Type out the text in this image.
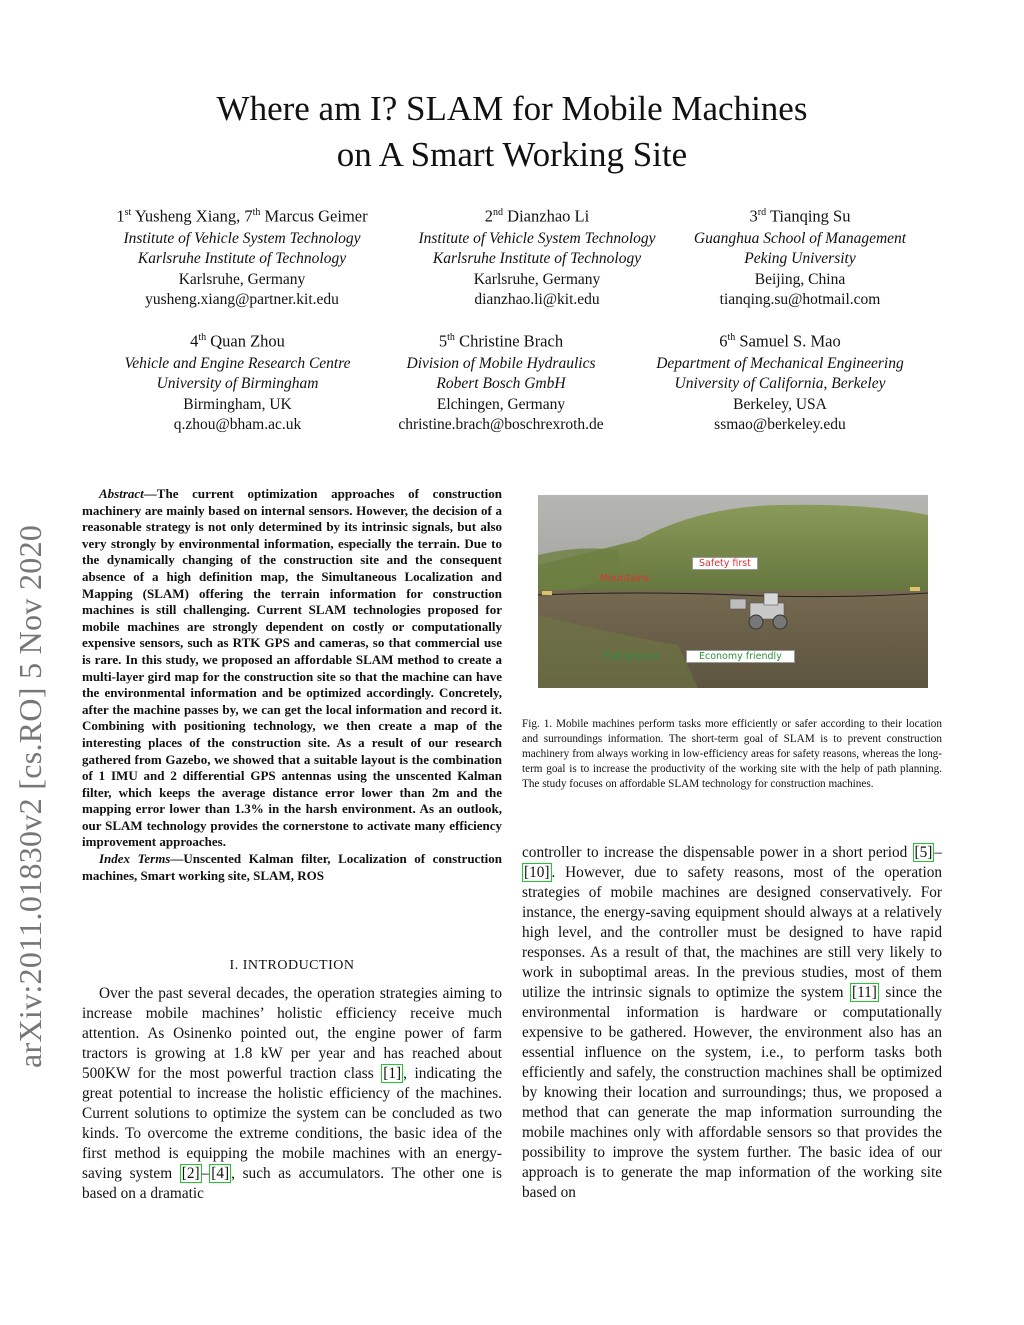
Where am I? SLAM for Mobile Machines
on A Smart Working Site
1st Yusheng Xiang, 7th Marcus Geimer
Institute of Vehicle System Technology
Karlsruhe Institute of Technology
Karlsruhe, Germany
yusheng.xiang@partner.kit.edu
2nd Dianzhao Li
Institute of Vehicle System Technology
Karlsruhe Institute of Technology
Karlsruhe, Germany
dianzhao.li@kit.edu
3rd Tianqing Su
Guanghua School of Management
Peking University
Beijing, China
tianqing.su@hotmail.com
4th Quan Zhou
Vehicle and Engine Research Centre
University of Birmingham
Birmingham, UK
q.zhou@bham.ac.uk
5th Christine Brach
Division of Mobile Hydraulics
Robert Bosch GmbH
Elchingen, Germany
christine.brach@boschrexroth.de
6th Samuel S. Mao
Department of Mechanical Engineering
University of California, Berkeley
Berkeley, USA
ssmao@berkeley.edu
arXiv:2011.01830v2 [cs.RO] 5 Nov 2020

Abstract—The current optimization approaches of construction machinery are mainly based on internal sensors. However, the decision of a reasonable strategy is not only determined by its intrinsic signals, but also very strongly by environmental information, especially the terrain. Due to the dynamically changing of the construction site and the consequent absence of a high definition map, the Simultaneous Localization and Mapping (SLAM) offering the terrain information for construction machines is still challenging. Current SLAM technologies proposed for mobile machines are strongly dependent on costly or computationally expensive sensors, such as RTK GPS and cameras, so that commercial use is rare. In this study, we proposed an affordable SLAM method to create a multi-layer gird map for the construction site so that the machine can have the environmental information and be optimized accordingly. Concretely, after the machine passes by, we can get the local information and record it. Combining with positioning technology, we then create a map of the interesting places of the construction site. As a result of our research gathered from Gazebo, we showed that a suitable layout is the combination of 1 IMU and 2 differential GPS antennas using the unscented Kalman filter, which keeps the average distance error lower than 2m and the mapping error lower than 1.3% in the harsh environment. As an outlook, our SLAM technology provides the cornerstone to activate many efficiency improvement approaches.

Index Terms—Unscented Kalman filter, Localization of construction machines, Smart working site, SLAM, ROS

I. INTRODUCTION

Over the past several decades, the operation strategies aiming to increase mobile machines’ holistic efficiency receive much attention. As Osinenko pointed out, the engine power of farm tractors is growing at 1.8 kW per year and has reached about 500KW for the most powerful traction class [1] , indicating the great potential to increase the holistic efficiency of the machines. Current solutions to optimize the system can be concluded as two kinds. To overcome the extreme conditions, the basic idea of the first method is equipping the mobile machines with an energy-saving system [2] – [4] , such as accumulators. The other one is based on a dramatic

Safety first
Mountains
Flat ground	Economy friendly
Fig. 1. Mobile machines perform tasks more efficiently or safer according to their location and surroundings information. The short-term goal of SLAM is to prevent construction machinery from always working in low-efficiency areas for safety reasons, whereas the long-term goal is to increase the productivity of the working site with the help of path planning. The study focuses on affordable SLAM technology for construction machines.

controller to increase the dispensable power in a short period [5] –[10] . However, due to safety reasons, most of the operation strategies of mobile machines are designed conservatively. For instance, the energy-saving equipment should always at a relatively high level, and the controller must be designed to have rapid responses. As a result of that, the machines are still very likely to work in suboptimal areas. In the previous studies, most of them utilize the intrinsic signals to optimize the system [11] since the environmental information is hardware or computationally expensive to be gathered. However, the environment also has an essential influence on the system, i.e., to perform tasks both efficiently and safely, the construction machines shall be optimized by knowing their location and surroundings; thus, we proposed a method that can generate the map information surrounding the mobile machines only with affordable sensors so that provides the possibility to improve the system further. The basic idea of our approach is to generate the map information of the working site based on
